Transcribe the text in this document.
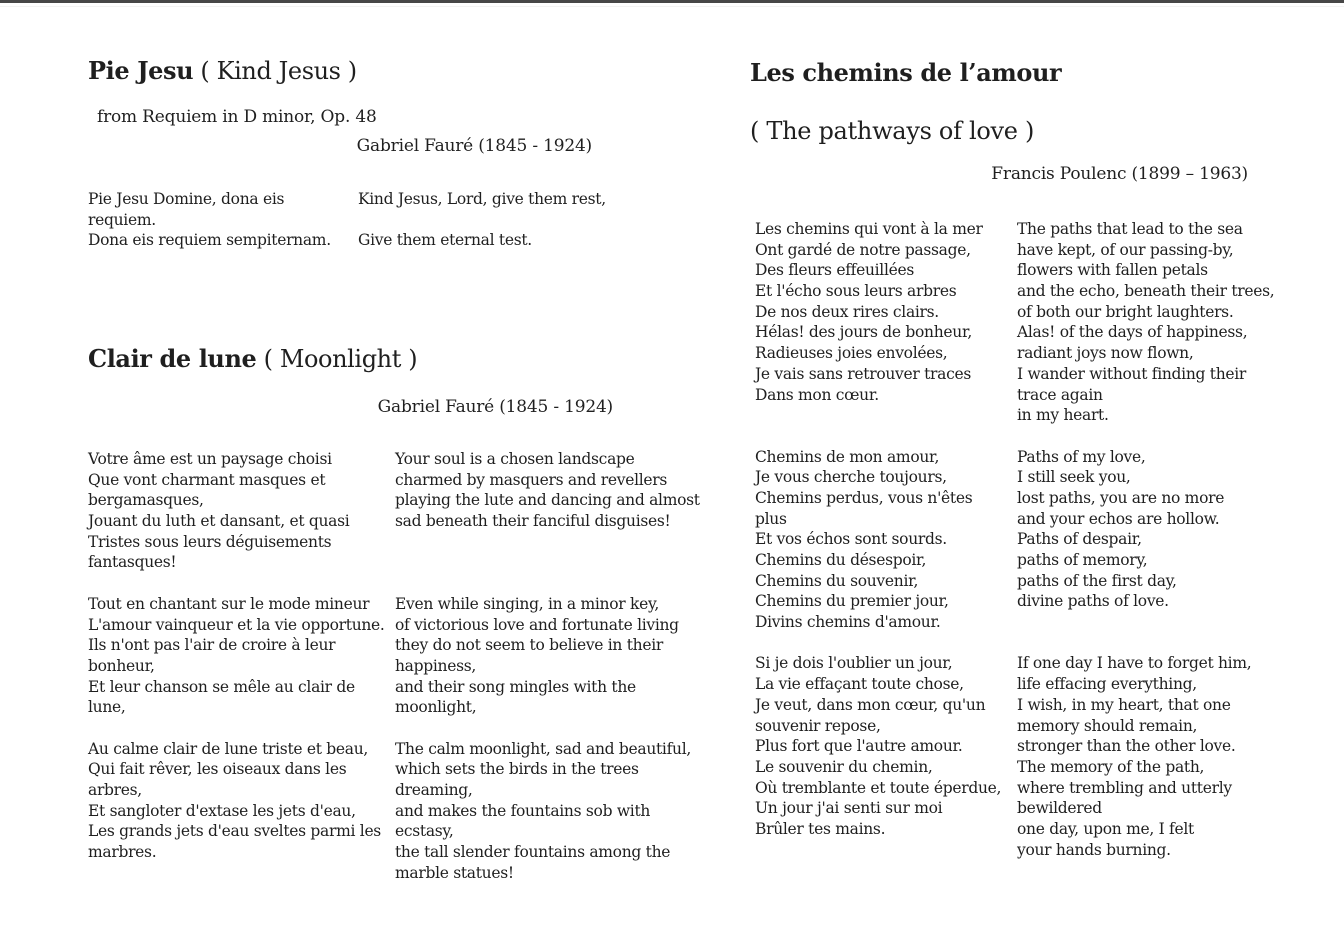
Pie Jesu ( Kind Jesus )
from Requiem in D minor, Op. 48
Gabriel Fauré (1845 - 1924)
Pie Jesu Domine, dona eis
requiem.
Dona eis requiem sempiternam.
Kind Jesus, Lord, give them rest,

Give them eternal test.
Clair de lune ( Moonlight )
Gabriel Fauré (1845 - 1924)
Votre âme est un paysage choisi
Que vont charmant masques et
bergamasques,
Jouant du luth et dansant, et quasi
Tristes sous leurs déguisements
fantasques!
Your soul is a chosen landscape
charmed by masquers and revellers
playing the lute and dancing and almost
sad beneath their fanciful disguises!
Tout en chantant sur le mode mineur
L'amour vainqueur et la vie opportune.
Ils n'ont pas l'air de croire à leur
bonheur,
Et leur chanson se mêle au clair de
lune,
Even while singing, in a minor key,
of victorious love and fortunate living
they do not seem to believe in their
happiness,
and their song mingles with the
moonlight,
Au calme clair de lune triste et beau,
Qui fait rêver, les oiseaux dans les
arbres,
Et sangloter d'extase les jets d'eau,
Les grands jets d'eau sveltes parmi les
marbres.
The calm moonlight, sad and beautiful,
which sets the birds in the trees
dreaming,
and makes the fountains sob with
ecstasy,
the tall slender fountains among the
marble statues!
Les chemins de l’amour
( The pathways of love )
Francis Poulenc (1899 – 1963)
Les chemins qui vont à la mer
Ont gardé de notre passage,
Des fleurs effeuillées
Et l'écho sous leurs arbres
De nos deux rires clairs.
Hélas! des jours de bonheur,
Radieuses joies envolées,
Je vais sans retrouver traces
Dans mon cœur.
The paths that lead to the sea
have kept, of our passing-by,
flowers with fallen petals
and the echo, beneath their trees,
of both our bright laughters.
Alas! of the days of happiness,
radiant joys now flown,
I wander without finding their
trace again
in my heart.
Chemins de mon amour,
Je vous cherche toujours,
Chemins perdus, vous n'êtes
plus
Et vos échos sont sourds.
Chemins du désespoir,
Chemins du souvenir,
Chemins du premier jour,
Divins chemins d'amour.
Paths of my love,
I still seek you,
lost paths, you are no more
and your echos are hollow.
Paths of despair,
paths of memory,
paths of the first day,
divine paths of love.
Si je dois l'oublier un jour,
La vie effaçant toute chose,
Je veut, dans mon cœur, qu'un
souvenir repose,
Plus fort que l'autre amour.
Le souvenir du chemin,
Où tremblante et toute éperdue,
Un jour j'ai senti sur moi
Brûler tes mains.
If one day I have to forget him,
life effacing everything,
I wish, in my heart, that one
memory should remain,
stronger than the other love.
The memory of the path,
where trembling and utterly
bewildered
one day, upon me, I felt
your hands burning.
